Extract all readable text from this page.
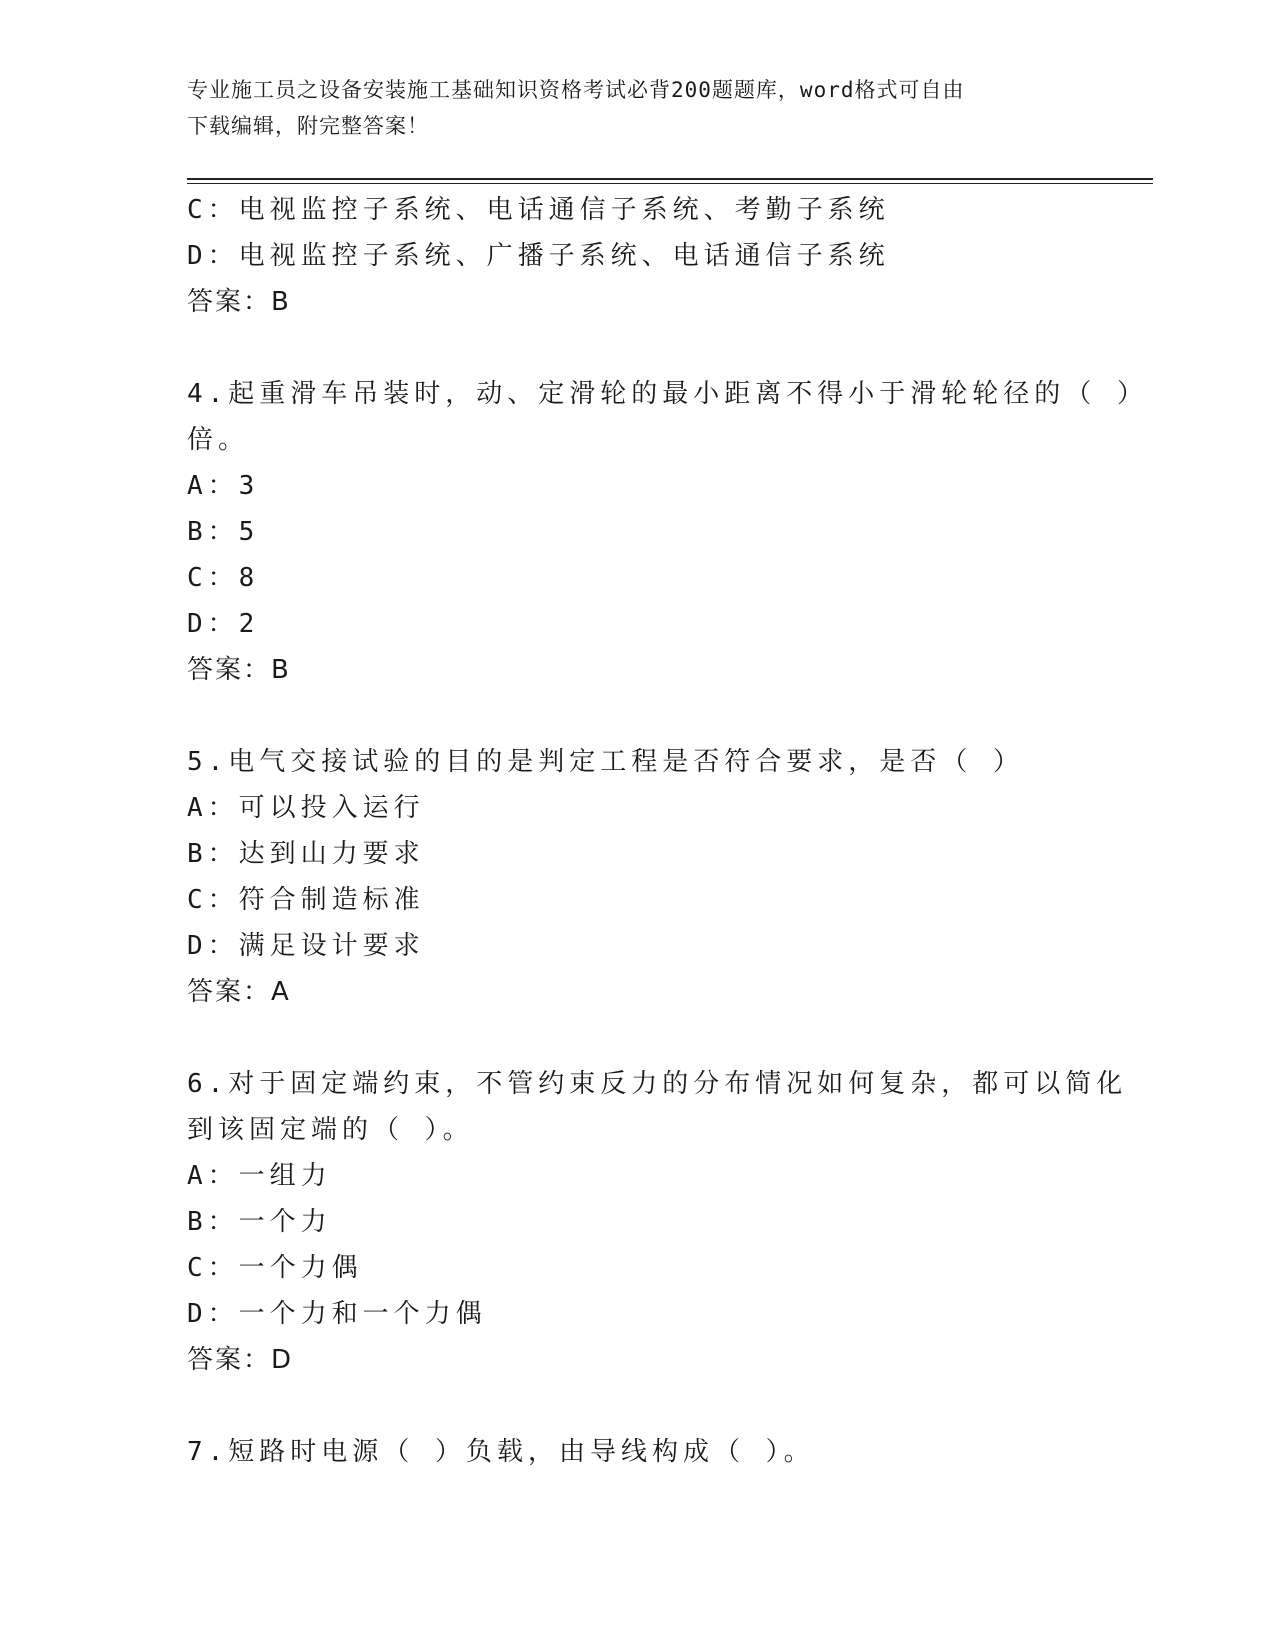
专业施工员之设备安装施工基础知识资格考试必背200题题库，word格式可自由
下载编辑，附完整答案！
C：电视监控子系统、电话通信子系统、考勤子系统
D：电视监控子系统、广播子系统、电话通信子系统
答案：B
4.起重滑车吊装时，动、定滑轮的最小距离不得小于滑轮轮径的（ ）
倍。
A：3
B：5
C：8
D：2
答案：B
5.电气交接试验的目的是判定工程是否符合要求，是否（ ）
A：可以投入运行
B：达到山力要求
C：符合制造标准
D：满足设计要求
答案：A
6.对于固定端约束，不管约束反力的分布情况如何复杂，都可以简化
到该固定端的（ ）。
A：一组力
B：一个力
C：一个力偶
D：一个力和一个力偶
答案：D
7.短路时电源（ ）负载，由导线构成（ ）。
